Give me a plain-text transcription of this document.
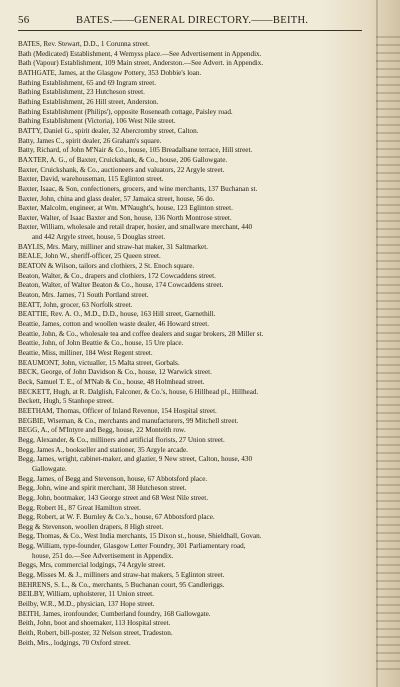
56	BATES.——GENERAL DIRECTORY.——BEITH.
BATES, Rev. Stewart, D.D., 1 Corunna street.
Bath (Medicated) Establishment, 4 Wemyss place.—See Advertisement in Appendix.
Bath (Vapour) Establishment, 109 Main street, Anderston.—See Advert. in Appendix.
BATHGATE, James, at the Glasgow Pottery, 353 Dobbie's loan.
Bathing Establishment, 65 and 69 Ingram street.
Bathing Establishment, 23 Hutcheson street.
Bathing Establishment, 26 Hill street, Anderston.
Bathing Establishment (Philips'), opposite Roseneath cottage, Paisley road.
Bathing Establishment (Victoria), 106 West Nile street.
BATTY, Daniel G., spirit dealer, 32 Abercromby street, Calton.
Batty, James C., spirit dealer, 26 Graham's square.
Batty, Richard, of John M'Nair & Co., house, 105 Breadalbane terrace, Hill street.
BAXTER, A. G., of Baxter, Cruickshank, & Co., house, 206 Gallowgate.
Baxter, Cruickshank, & Co., auctioneers and valuators, 22 Argyle street.
Baxter, David, warehouseman, 115 Eglinton street.
Baxter, Isaac, & Son, confectioners, grocers, and wine merchants, 137 Buchanan st.
Baxter, John, china and glass dealer, 57 Jamaica street, house, 56 do.
Baxter, Malcolm, engineer, at Wm. M'Naught's, house, 123 Eglinton street.
Baxter, Walter, of Isaac Baxter and Son, house, 136 North Montrose street.
Baxter, William, wholesale and retail draper, hosier, and smallware merchant, 440
and 442 Argyle street, house, 5 Douglas street.
BAYLIS, Mrs. Mary, milliner and straw-hat maker, 31 Saltmarket.
BEALE, John W., sheriff-officer, 25 Queen street.
BEATON & Wilson, tailors and clothiers, 2 St. Enoch square.
Beaton, Walter, & Co., drapers and clothiers, 172 Cowcaddens street.
Beaton, Walter, of Walter Beaton & Co., house, 174 Cowcaddens street.
Beaton, Mrs. James, 71 South Portland street.
BEATT, John, grocer, 63 Norfolk street.
BEATTIE, Rev. A. O., M.D., D.D., house, 163 Hill street, Garnethill.
Beattie, James, cotton and woollen waste dealer, 46 Howard street.
Beattie, John, & Co., wholesale tea and coffee dealers and sugar brokers, 28 Miller st.
Beattie, John, of John Beattie & Co., house, 15 Ure place.
Beattie, Miss, milliner, 184 West Regent street.
BEAUMONT, John, victualler, 15 Malta street, Gorbals.
BECK, George, of John Davidson & Co., house, 12 Warwick street.
Beck, Samuel T. E., of M'Nab & Co., house, 48 Holmhead street.
BECKETT, Hugh, at R. Dalglish, Falconer, & Co.'s, house, 6 Hillhead pl., Hillhead.
Beckett, Hugh, 5 Stanhope street.
BEETHAM, Thomas, Officer of Inland Revenue, 154 Hospital street.
BEGBIE, Wiseman, & Co., merchants and manufacturers, 99 Mitchell street.
BEGG, A., of M'Intyre and Begg, house, 22 Monteith row.
Begg, Alexander, & Co., milliners and artificial florists, 27 Union street.
Begg, James A., bookseller and stationer, 35 Argyle arcade.
Begg, James, wright, cabinet-maker, and glazier, 9 New street, Calton, house, 430
Gallowgate.
Begg, James, of Begg and Stevenson, house, 67 Abbotsford place.
Begg, John, wine and spirit merchant, 38 Hutcheson street.
Begg, John, bootmaker, 143 George street and 68 West Nile street.
Begg, Robert H., 87 Great Hamilton street.
Begg, Robert, at W. F. Burnley & Co.'s., house, 67 Abbotsford place.
Begg & Stevenson, woollen drapers, 8 High street.
Begg, Thomas, & Co., West India merchants, 15 Dixon st., house, Shieldhall, Govan.
Begg, William, type-founder, Glasgow Letter Foundry, 301 Parliamentary road,
house, 251 do.—See Advertisement in Appendix.
Beggs, Mrs, commercial lodgings, 74 Argyle street.
Begg, Misses M. & J., milliners and straw-hat makers, 5 Eglinton street.
BEHRENS, S. L., & Co., merchants, 5 Buchanan court, 95 Candleriggs.
BEILBY, William, upholsterer, 11 Union street.
Beilby, W.R., M.D., physician, 137 Hope street.
BEITH, James, ironfounder, Cumberland foundry, 168 Gallowgate.
Beith, John, boot and shoemaker, 113 Hospital street.
Beith, Robert, bill-poster, 32 Nelson street, Tradeston.
Beith, Mrs., lodgings, 70 Oxford street.
